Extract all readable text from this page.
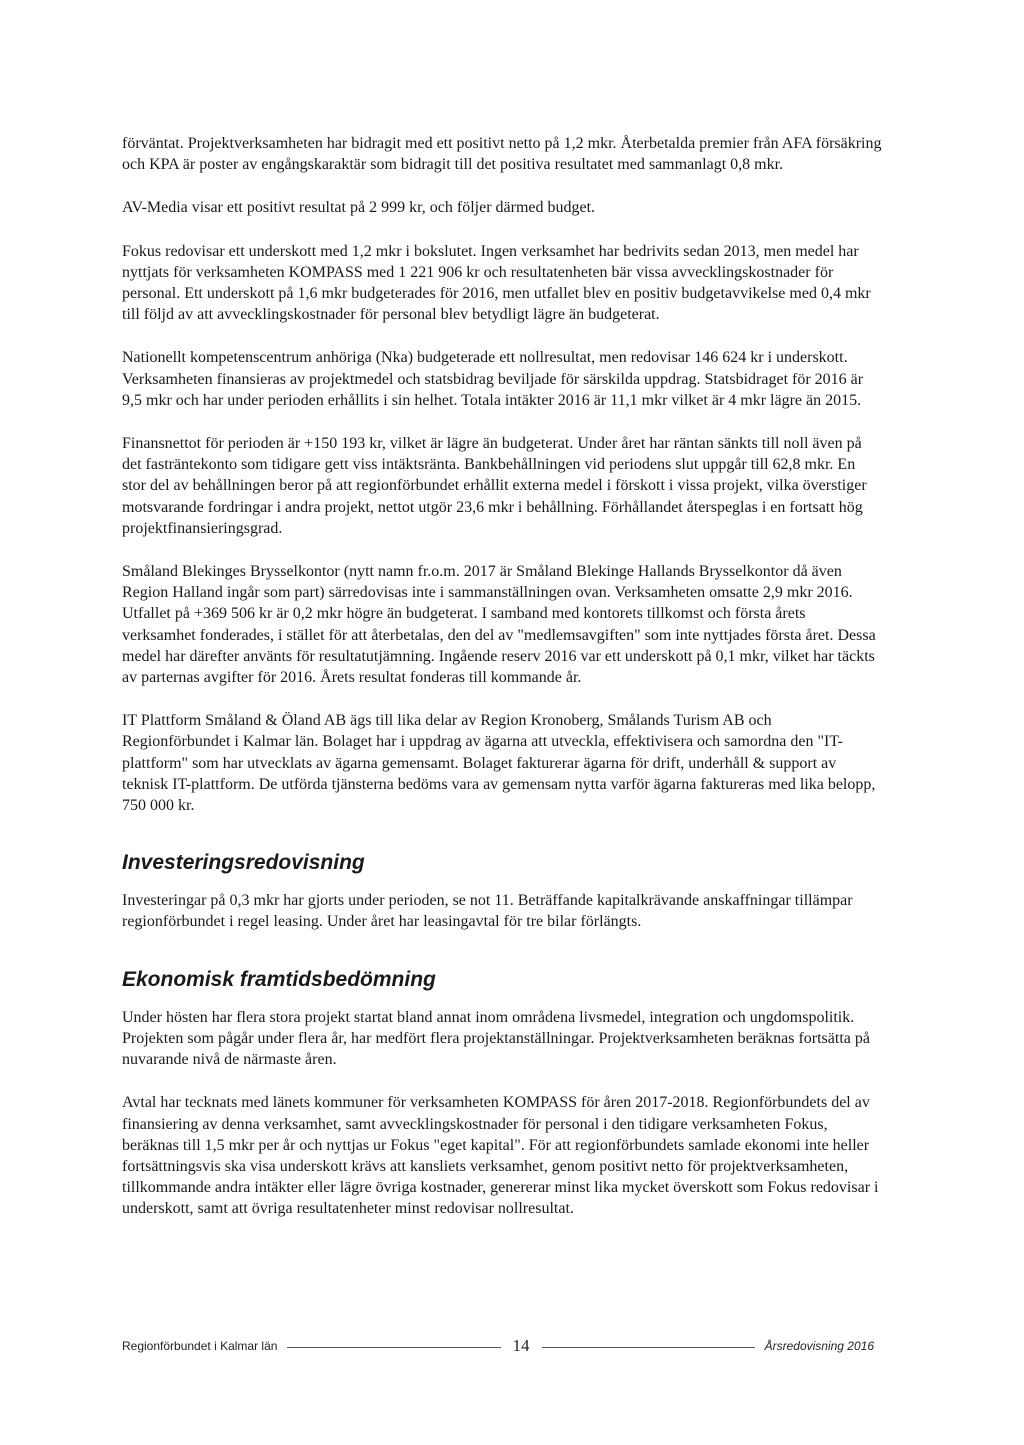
förväntat. Projektverksamheten har bidragit med ett positivt netto på 1,2 mkr. Återbetalda premier från AFA försäkring och KPA är poster av engångskaraktär som bidragit till det positiva resultatet med sammanlagt 0,8 mkr.

AV-Media visar ett positivt resultat på 2 999 kr, och följer därmed budget.

Fokus redovisar ett underskott med 1,2 mkr i bokslutet. Ingen verksamhet har bedrivits sedan 2013, men medel har nyttjats för verksamheten KOMPASS med 1 221 906 kr och resultatenheten bär vissa avvecklingskostnader för personal. Ett underskott på 1,6 mkr budgeterades för 2016, men utfallet blev en positiv budgetavvikelse med 0,4 mkr till följd av att avvecklingskostnader för personal blev betydligt lägre än budgeterat.

Nationellt kompetenscentrum anhöriga (Nka) budgeterade ett nollresultat, men redovisar 146 624 kr i underskott. Verksamheten finansieras av projektmedel och statsbidrag beviljade för särskilda uppdrag. Statsbidraget för 2016 är 9,5 mkr och har under perioden erhållits i sin helhet. Totala intäkter 2016 är 11,1 mkr vilket är 4 mkr lägre än 2015.

Finansnettot för perioden är +150 193 kr, vilket är lägre än budgeterat. Under året har räntan sänkts till noll även på det fasträntekonto som tidigare gett viss intäktsränta. Bankbehållningen vid periodens slut uppgår till 62,8 mkr. En stor del av behållningen beror på att regionförbundet erhållit externa medel i förskott i vissa projekt, vilka överstiger motsvarande fordringar i andra projekt, nettot utgör 23,6 mkr i behållning. Förhållandet återspeglas i en fortsatt hög projektfinansieringsgrad.

Småland Blekinges Brysselkontor (nytt namn fr.o.m. 2017 är Småland Blekinge Hallands Brysselkontor då även Region Halland ingår som part) särredovisas inte i sammanställningen ovan. Verksamheten omsatte 2,9 mkr 2016. Utfallet på +369 506 kr är 0,2 mkr högre än budgeterat. I samband med kontorets tillkomst och första årets verksamhet fonderades, i stället för att återbetalas, den del av "medlemsavgiften" som inte nyttjades första året. Dessa medel har därefter använts för resultatutjämning. Ingående reserv 2016 var ett underskott på 0,1 mkr, vilket har täckts av parternas avgifter för 2016. Årets resultat fonderas till kommande år.

IT Plattform Småland & Öland AB ägs till lika delar av Region Kronoberg, Smålands Turism AB och Regionförbundet i Kalmar län. Bolaget har i uppdrag av ägarna att utveckla, effektivisera och samordna den "IT-plattform" som har utvecklats av ägarna gemensamt. Bolaget fakturerar ägarna för drift, underhåll & support av teknisk IT-plattform. De utförda tjänsterna bedöms vara av gemensam nytta varför ägarna faktureras med lika belopp, 750 000 kr.

Investeringsredovisning

Investeringar på 0,3 mkr har gjorts under perioden, se not 11. Beträffande kapitalkrävande anskaffningar tillämpar regionförbundet i regel leasing. Under året har leasingavtal för tre bilar förlängts.

Ekonomisk framtidsbedömning

Under hösten har flera stora projekt startat bland annat inom områdena livsmedel, integration och ungdomspolitik. Projekten som pågår under flera år, har medfört flera projektanställningar. Projektverksamheten beräknas fortsätta på nuvarande nivå de närmaste åren.

Avtal har tecknats med länets kommuner för verksamheten KOMPASS för åren 2017-2018. Regionförbundets del av finansiering av denna verksamhet, samt avvecklingskostnader för personal i den tidigare verksamheten Fokus, beräknas till 1,5 mkr per år och nyttjas ur Fokus "eget kapital". För att regionförbundets samlade ekonomi inte heller fortsättningsvis ska visa underskott krävs att kansliets verksamhet, genom positivt netto för projektverksamheten, tillkommande andra intäkter eller lägre övriga kostnader, genererar minst lika mycket överskott som Fokus redovisar i underskott, samt att övriga resultatenheter minst redovisar nollresultat.

Regionförbundet i Kalmar län	14	Årsredovisning 2016
